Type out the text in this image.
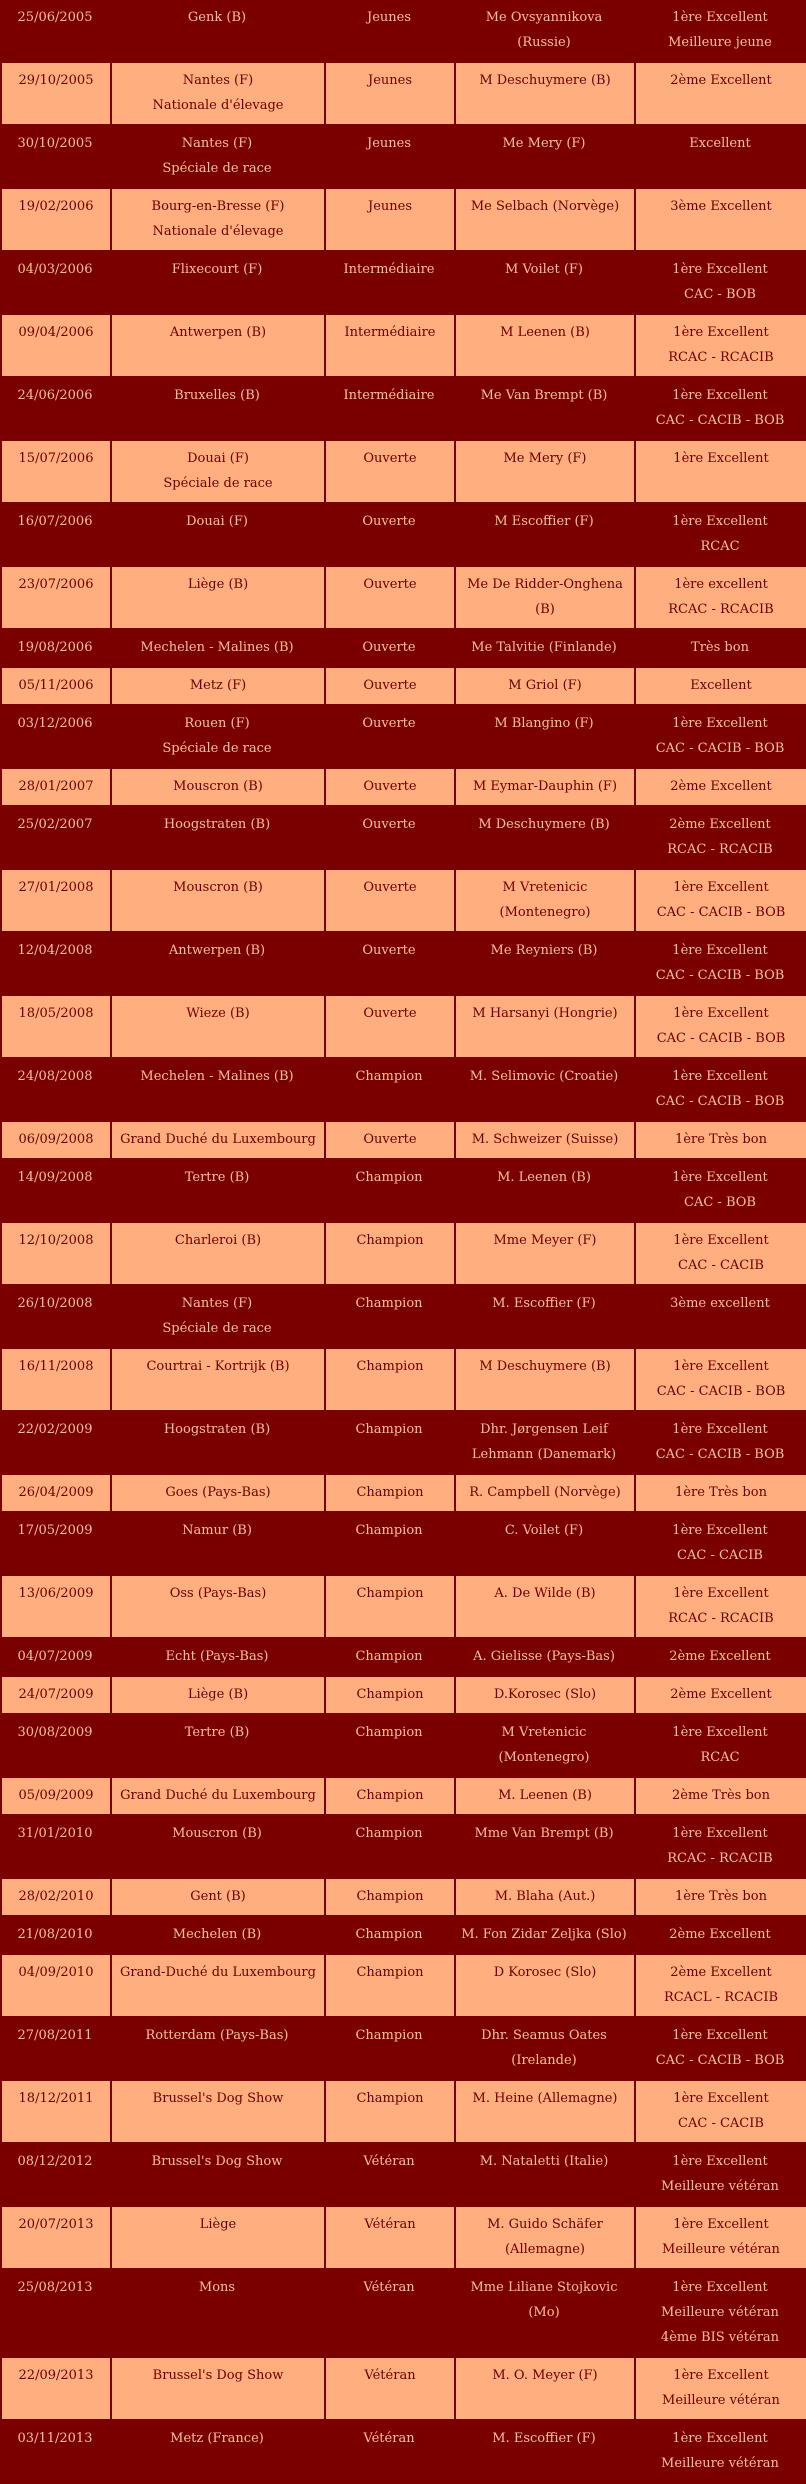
25/06/2005	Genk (B)	Jeunes	Me Ovsyannikova
(Russie)	1ère Excellent
Meilleure jeune

29/10/2005	Nantes (F)
Nationale d'élevage	Jeunes	M Deschuymere (B)	2ème Excellent

30/10/2005	Nantes (F)
Spéciale de race	Jeunes	Me Mery (F)	Excellent

19/02/2006	Bourg-en-Bresse (F)
Nationale d'élevage	Jeunes	Me Selbach (Norvège)	3ème Excellent

04/03/2006	Flixecourt (F)	Intermédiaire	M Voilet (F)	1ère Excellent
CAC - BOB

09/04/2006	Antwerpen (B)	Intermédiaire	M Leenen (B)	1ère Excellent
RCAC - RCACIB

24/06/2006	Bruxelles (B)	Intermédiaire	Me Van Brempt (B)	1ère Excellent
CAC - CACIB - BOB

15/07/2006	Douai (F)
Spéciale de race	Ouverte	Me Mery (F)	1ère Excellent

16/07/2006	Douai (F)	Ouverte	M Escoffier (F)	1ère Excellent
RCAC

23/07/2006	Liège (B)	Ouverte	Me De Ridder-Onghena
(B)	1ère excellent
RCAC - RCACIB

19/08/2006	Mechelen - Malines (B)	Ouverte	Me Talvitie (Finlande)	Très bon

05/11/2006	Metz (F)	Ouverte	M Griol (F)	Excellent

03/12/2006	Rouen (F)
Spéciale de race	Ouverte	M Blangino (F)	1ère Excellent
CAC - CACIB - BOB

28/01/2007	Mouscron (B)	Ouverte	M Eymar-Dauphin (F)	2ème Excellent

25/02/2007	Hoogstraten (B)	Ouverte	M Deschuymere (B)	2ème Excellent
RCAC - RCACIB

27/01/2008	Mouscron (B)	Ouverte	M Vretenicic
(Montenegro)	1ère Excellent
CAC - CACIB - BOB

12/04/2008	Antwerpen (B)	Ouverte	Me Reyniers (B)	1ère Excellent
CAC - CACIB - BOB

18/05/2008	Wieze (B)	Ouverte	M Harsanyi (Hongrie)	1ère Excellent
CAC - CACIB - BOB

24/08/2008	Mechelen - Malines (B)	Champion	M. Selimovic (Croatie)	1ère Excellent
CAC - CACIB - BOB

06/09/2008	Grand Duché du Luxembourg	Ouverte	M. Schweizer (Suisse)	1ère Très bon

14/09/2008	Tertre (B)	Champion	M. Leenen (B)	1ère Excellent
CAC - BOB

12/10/2008	Charleroi (B)	Champion	Mme Meyer (F)	1ère Excellent
CAC - CACIB

26/10/2008	Nantes (F)
Spéciale de race	Champion	M. Escoffier (F)	3ème excellent

16/11/2008	Courtrai - Kortrijk (B)	Champion	M Deschuymere (B)	1ère Excellent
CAC - CACIB - BOB

22/02/2009	Hoogstraten (B)	Champion	Dhr. Jørgensen Leif
Lehmann (Danemark)	1ère Excellent
CAC - CACIB - BOB

26/04/2009	Goes (Pays-Bas)	Champion	R. Campbell (Norvège)	1ère Très bon

17/05/2009	Namur (B)	Champion	C. Voilet (F)	1ère Excellent
CAC - CACIB

13/06/2009	Oss (Pays-Bas)	Champion	A. De Wilde (B)	1ère Excellent
RCAC - RCACIB

04/07/2009	Echt (Pays-Bas)	Champion	A. Gielisse (Pays-Bas)	2ème Excellent

24/07/2009	Liège (B)	Champion	D.Korosec (Slo)	2ème Excellent

30/08/2009	Tertre (B)	Champion	M Vretenicic
(Montenegro)	1ère Excellent
RCAC

05/09/2009	Grand Duché du Luxembourg	Champion	M. Leenen (B)	2ème Très bon

31/01/2010	Mouscron (B)	Champion	Mme Van Brempt (B)	1ère Excellent
RCAC - RCACIB

28/02/2010	Gent (B)	Champion	M. Blaha (Aut.)	1ère Très bon

21/08/2010	Mechelen (B)	Champion	M. Fon Zidar Zeljka (Slo)	2ème Excellent

04/09/2010	Grand-Duché du Luxembourg	Champion	D Korosec (Slo)	2ème Excellent
RCACL - RCACIB

27/08/2011	Rotterdam (Pays-Bas)	Champion	Dhr. Seamus Oates
(Irelande)	1ère Excellent
CAC - CACIB - BOB

18/12/2011	Brussel's Dog Show	Champion	M. Heine (Allemagne)	1ère Excellent
CAC - CACIB

08/12/2012	Brussel's Dog Show	Vétéran	M. Nataletti (Italie)	1ère Excellent
Meilleure vétéran

20/07/2013	Liège	Vétéran	M. Guido Schäfer
(Allemagne)	1ère Excellent
Meilleure vétéran

25/08/2013	Mons	Vétéran	Mme Liliane Stojkovic
(Mo)	1ère Excellent
Meilleure vétéran
4ème BIS vétéran

22/09/2013	Brussel's Dog Show	Vétéran	M. O. Meyer (F)	1ère Excellent
Meilleure vétéran

03/11/2013	Metz (France)	Vétéran	M. Escoffier (F)	1ère Excellent
Meilleure vétéran
